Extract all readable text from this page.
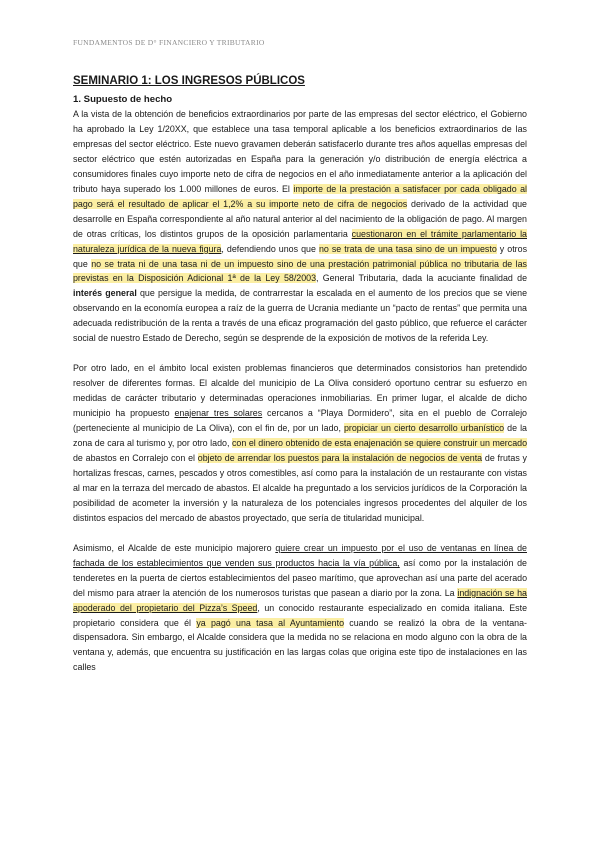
FUNDAMENTOS DE D° FINANCIERO Y TRIBUTARIO
SEMINARIO 1: LOS INGRESOS PÚBLICOS
1. Supuesto de hecho

A la vista de la obtención de beneficios extraordinarios por parte de las empresas del sector eléctrico, el Gobierno ha aprobado la Ley 1/20XX, que establece una tasa temporal aplicable a los beneficios extraordinarios de las empresas del sector eléctrico. Este nuevo gravamen deberán satisfacerlo durante tres años aquellas empresas del sector eléctrico que estén autorizadas en España para la generación y/o distribución de energía eléctrica a consumidores finales cuyo importe neto de cifra de negocios en el año inmediatamente anterior a la aplicación del tributo haya superado los 1.000 millones de euros. El importe de la prestación a satisfacer por cada obligado al pago será el resultado de aplicar el 1,2% a su importe neto de cifra de negocios derivado de la actividad que desarrolle en España correspondiente al año natural anterior al del nacimiento de la obligación de pago. Al margen de otras críticas, los distintos grupos de la oposición parlamentaria cuestionaron en el trámite parlamentario la naturaleza jurídica de la nueva figura, defendiendo unos que no se trata de una tasa sino de un impuesto y otros que no se trata ni de una tasa ni de un impuesto sino de una prestación patrimonial pública no tributaria de las previstas en la Disposición Adicional 1ª de la Ley 58/2003, General Tributaria, dada la acuciante finalidad de interés general que persigue la medida, de contrarrestar la escalada en el aumento de los precios que se viene observando en la economía europea a raíz de la guerra de Ucrania mediante un “pacto de rentas” que permita una adecuada redistribución de la renta a través de una eficaz programación del gasto público, que refuerce el carácter social de nuestro Estado de Derecho, según se desprende de la exposición de motivos de la referida Ley.

Por otro lado, en el ámbito local existen problemas financieros que determinados consistorios han pretendido resolver de diferentes formas. El alcalde del municipio de La Oliva consideró oportuno centrar su esfuerzo en medidas de carácter tributario y determinadas operaciones inmobiliarias. En primer lugar, el alcalde de dicho municipio ha propuesto enajenar tres solares cercanos a “Playa Dormidero”, sita en el pueblo de Corralejo (perteneciente al municipio de La Oliva), con el fin de, por un lado, propiciar un cierto desarrollo urbanístico de la zona de cara al turismo y, por otro lado, con el dinero obtenido de esta enajenación se quiere construir un mercado de abastos en Corralejo con el objeto de arrendar los puestos para la instalación de negocios de venta de frutas y hortalizas frescas, carnes, pescados y otros comestibles, así como para la instalación de un restaurante con vistas al mar en la terraza del mercado de abastos. El alcalde ha preguntado a los servicios jurídicos de la Corporación la posibilidad de acometer la inversión y la naturaleza de los potenciales ingresos procedentes del alquiler de los distintos espacios del mercado de abastos proyectado, que sería de titularidad municipal.

Asimismo, el Alcalde de este municipio majorero quiere crear un impuesto por el uso de ventanas en línea de fachada de los establecimientos que venden sus productos hacia la vía pública, así como por la instalación de tenderetes en la puerta de ciertos establecimientos del paseo marítimo, que aprovechan así una parte del acerado del mismo para atraer la atención de los numerosos turistas que pasean a diario por la zona. La indignación se ha apoderado del propietario del Pizza’s Speed, un conocido restaurante especializado en comida italiana. Este propietario considera que él ya pagó una tasa al Ayuntamiento cuando se realizó la obra de la ventana-dispensadora. Sin embargo, el Alcalde considera que la medida no se relaciona en modo alguno con la obra de la ventana y, además, que encuentra su justificación en las largas colas que origina este tipo de instalaciones en las calles
